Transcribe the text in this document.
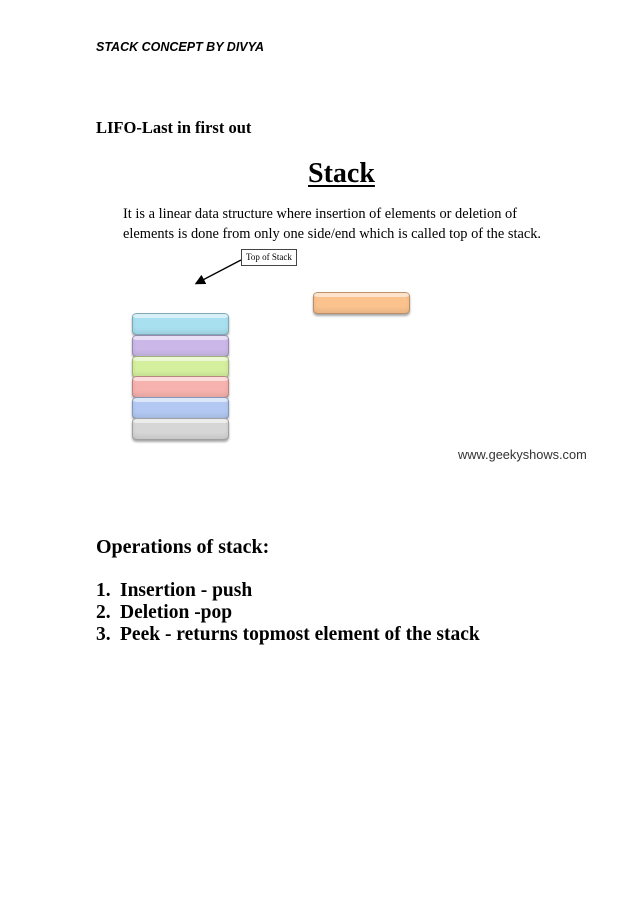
STACK CONCEPT BY DIVYA
LIFO-Last in first out
Stack
It is a linear data structure where insertion of elements or deletion of elements is done from only one side/end which is called top of the stack.
Top of Stack
www.geekyshows.com
Operations of stack:
1. Insertion - push
2. Deletion -pop
3. Peek - returns topmost element of the stack
